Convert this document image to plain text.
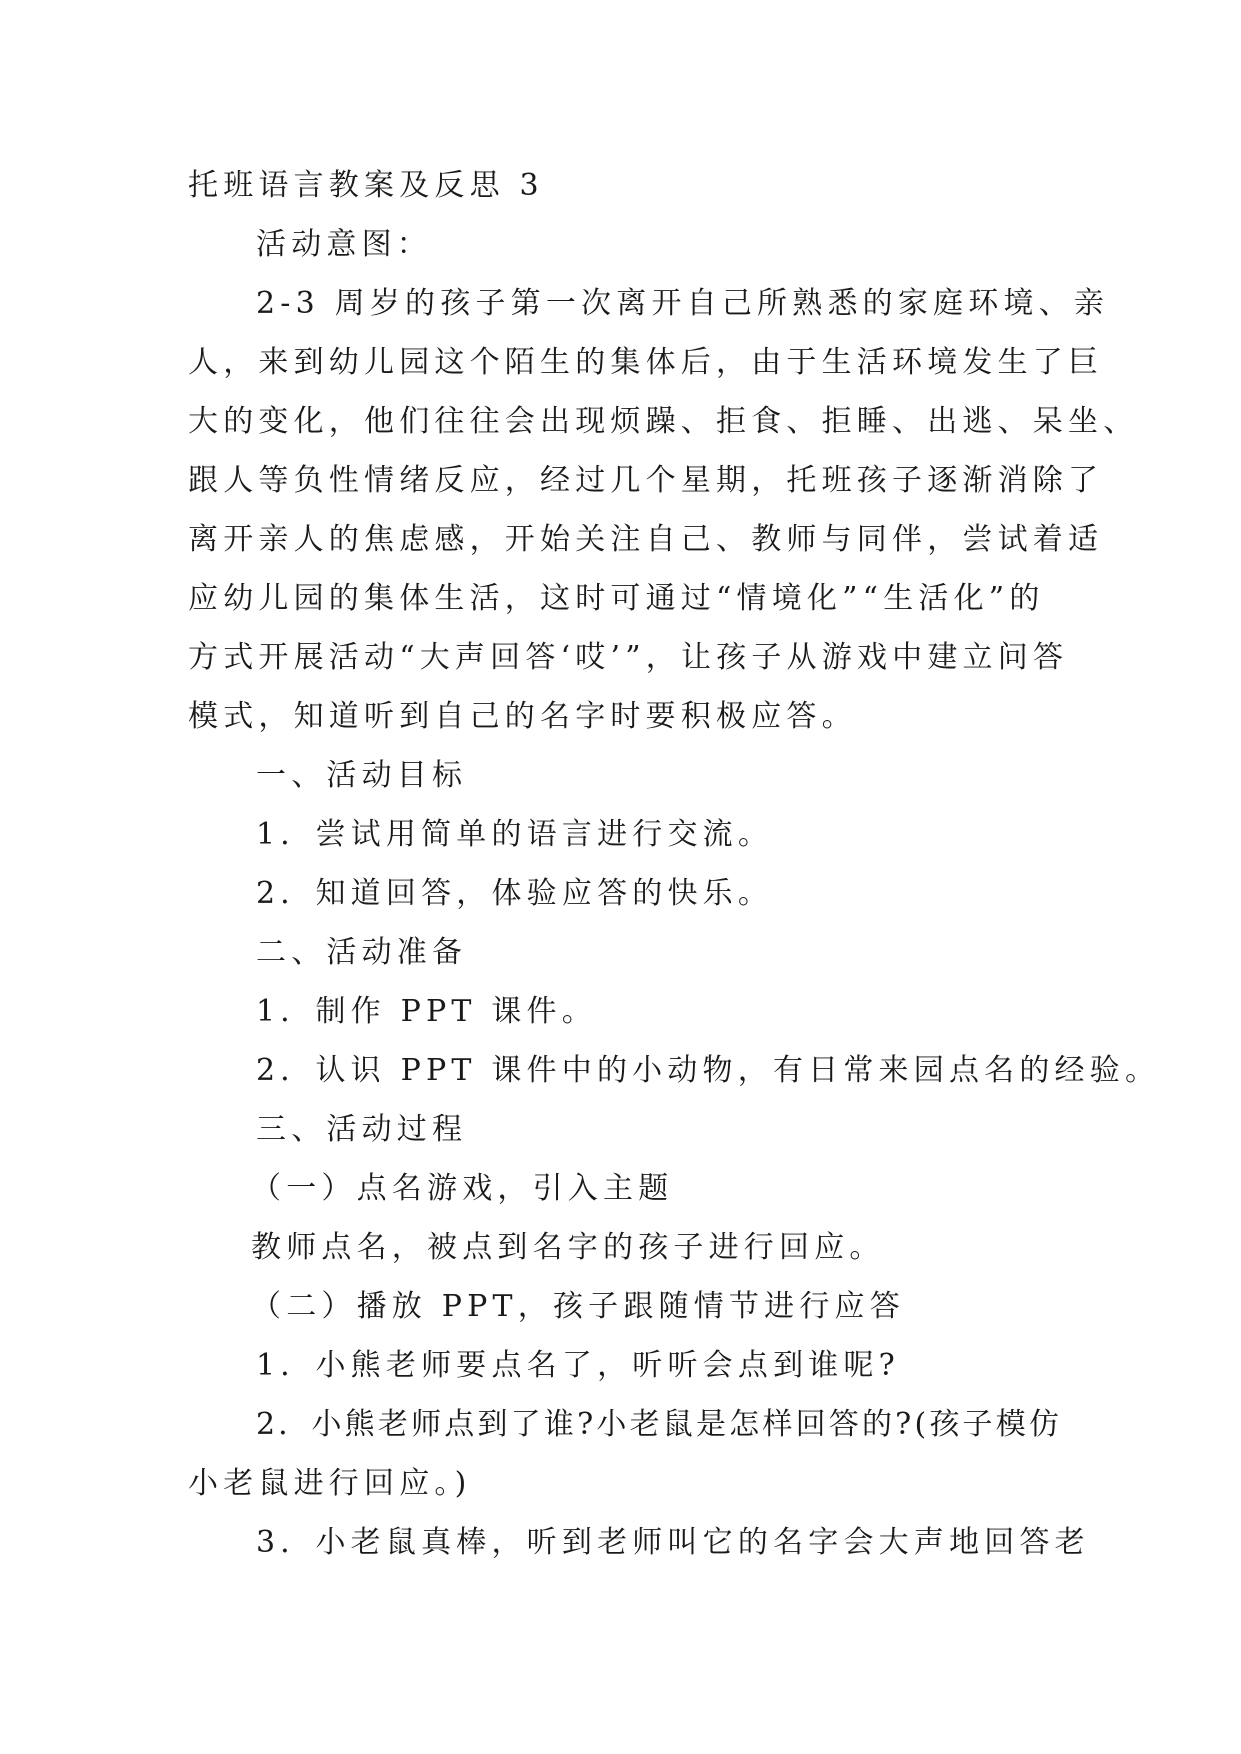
托班语言教案及反思 3
活动意图：
2-3 周岁的孩子第一次离开自己所熟悉的家庭环境、亲
人，来到幼儿园这个陌生的集体后，由于生活环境发生了巨
大的变化，他们往往会出现烦躁、拒食、拒睡、出逃、呆坐、
跟人等负性情绪反应，经过几个星期，托班孩子逐渐消除了
离开亲人的焦虑感，开始关注自己、教师与同伴，尝试着适
应幼儿园的集体生活，这时可通过“情境化”“生活化”的
方式开展活动“大声回答‘哎’”，让孩子从游戏中建立问答
模式，知道听到自己的名字时要积极应答。
一、活动目标
1．尝试用简单的语言进行交流。
2．知道回答，体验应答的快乐。
二、活动准备
1．制作 PPT 课件。
2．认识 PPT 课件中的小动物，有日常来园点名的经验。
三、活动过程
（一）点名游戏，引入主题
教师点名，被点到名字的孩子进行回应。
（二）播放 PPT，孩子跟随情节进行应答
1．小熊老师要点名了，听听会点到谁呢?
2．小熊老师点到了谁?小老鼠是怎样回答的?(孩子模仿
小老鼠进行回应。)
3．小老鼠真棒，听到老师叫它的名字会大声地回答老
